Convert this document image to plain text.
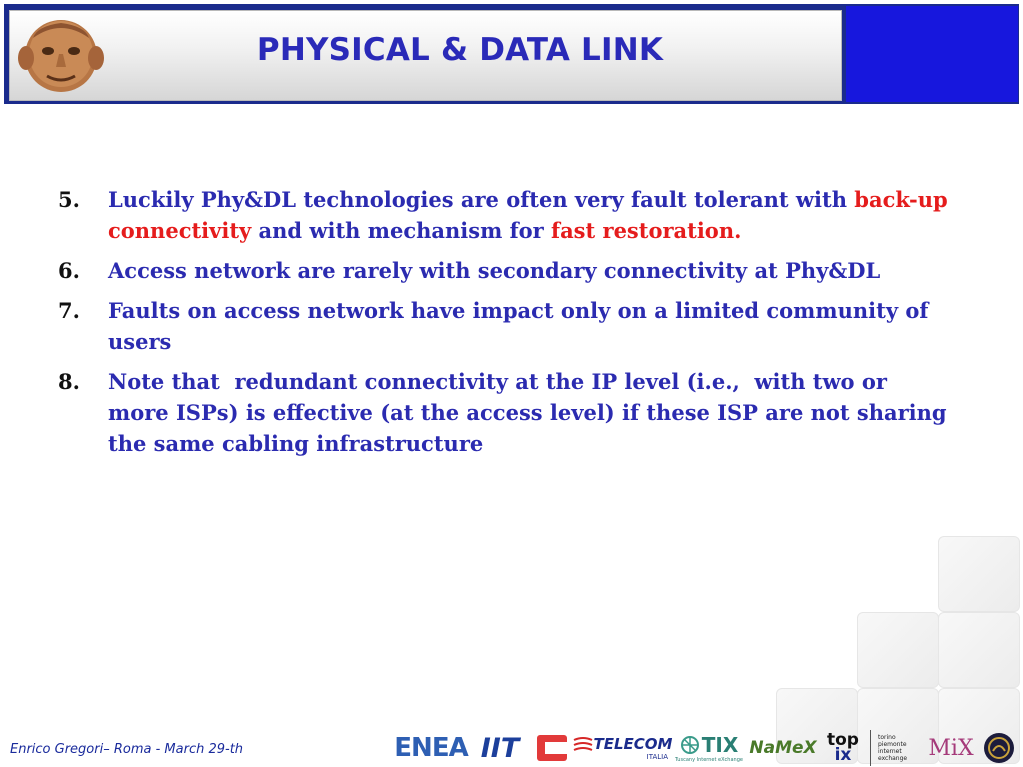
PHYSICAL & DATA LINK
5.	Luckily Phy&DL technologies are often very fault tolerant with back-up connectivity and with mechanism for fast restoration.
6.	Access network are rarely with secondary connectivity at Phy&DL
7.	Faults on access network have impact only on a limited community of users
8.	Note that  redundant connectivity at the IP level (i.e.,  with two or more ISPs) is effective (at the access level) if these ISP are not sharing the same cabling infrastructure
Enrico Gregori– Roma - March 29-th	ENEA IIT	TELECOM
ITALIA TIX
Tuscany Internet eXchange
NaMeX top
ix
torino piemonte internet exchange MiX
